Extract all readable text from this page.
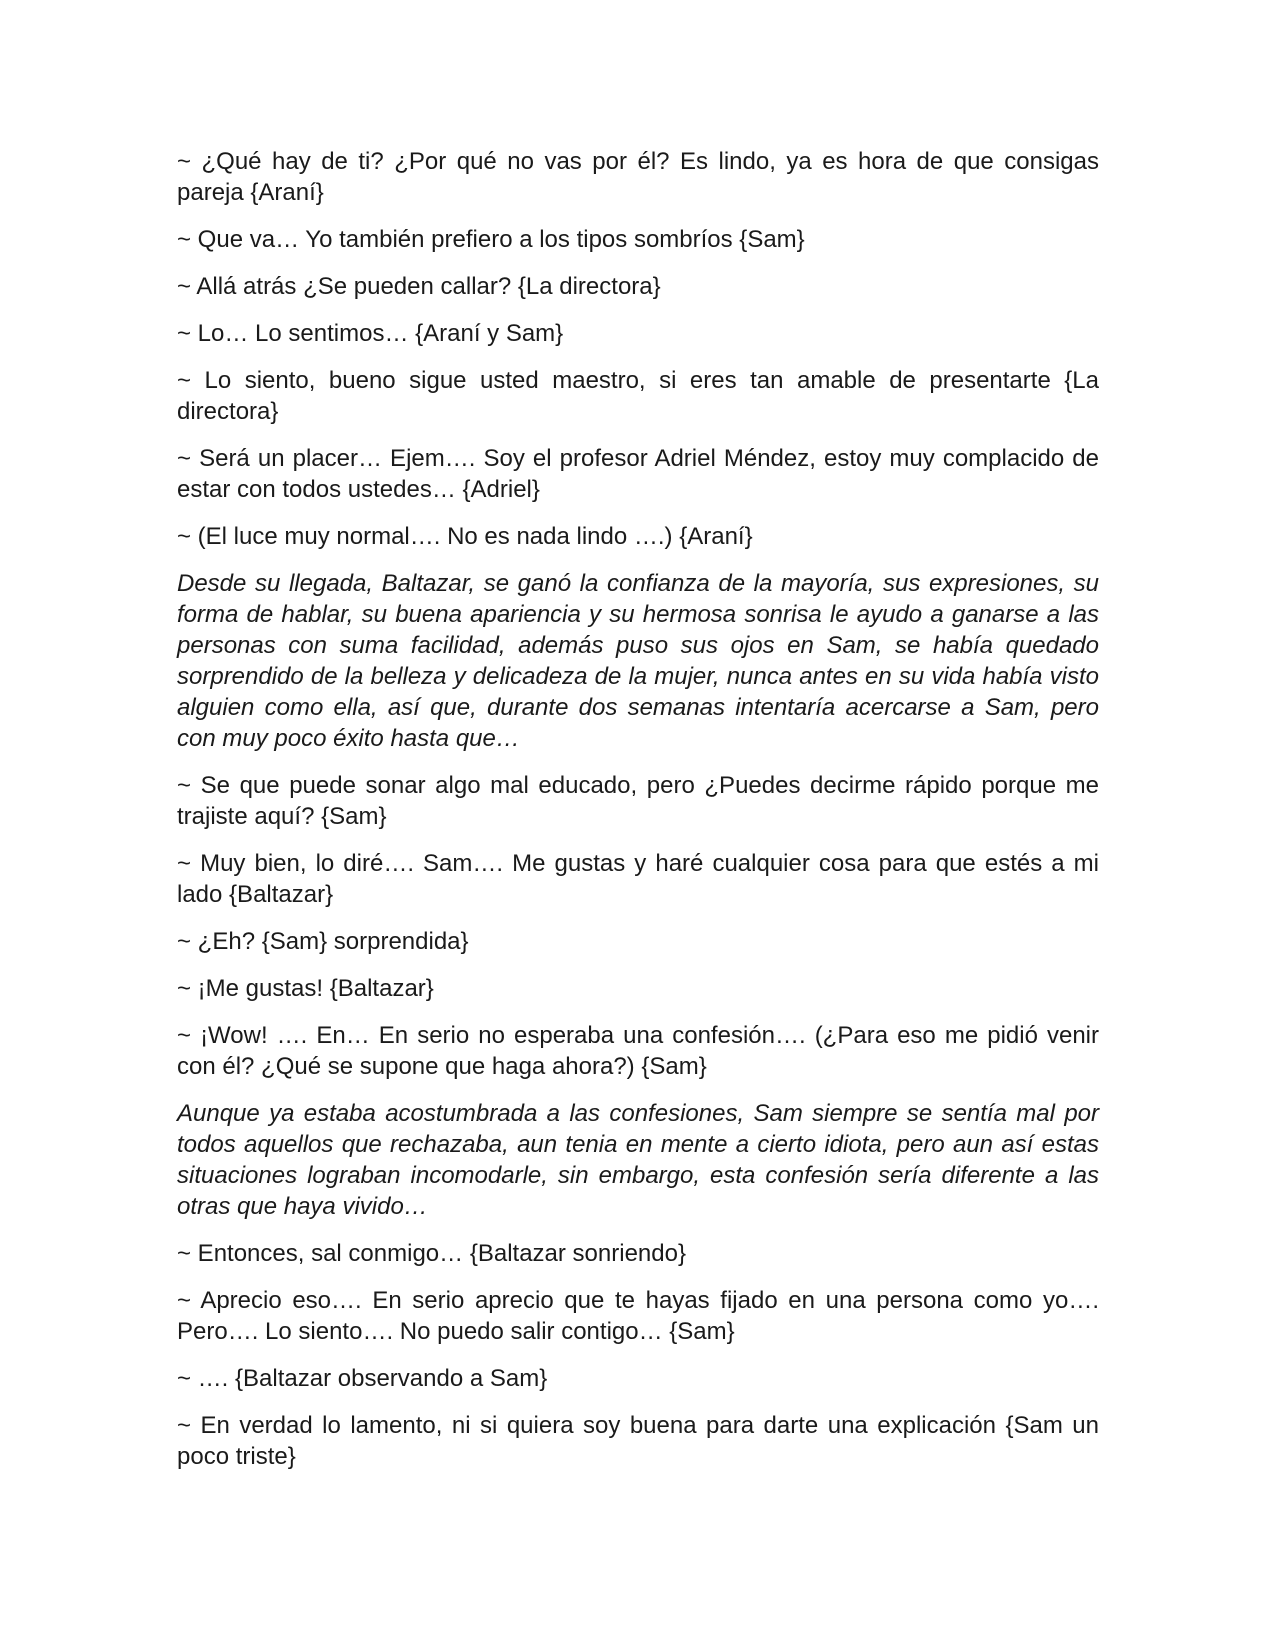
~ ¿Qué hay de ti? ¿Por qué no vas por él? Es lindo, ya es hora de que consigas pareja {Araní}

~ Que va… Yo también prefiero a los tipos sombríos {Sam}

~ Allá atrás ¿Se pueden callar? {La directora}

~ Lo… Lo sentimos… {Araní y Sam}

~ Lo siento, bueno sigue usted maestro, si eres tan amable de presentarte {La directora}

~ Será un placer… Ejem…. Soy el profesor Adriel Méndez, estoy muy complacido de estar con todos ustedes… {Adriel}

~ (El luce muy normal…. No es nada lindo ….) {Araní}

Desde su llegada, Baltazar, se ganó la confianza de la mayoría, sus expresiones, su forma de hablar, su buena apariencia y su hermosa sonrisa le ayudo a ganarse a las personas con suma facilidad, además puso sus ojos en Sam, se había quedado sorprendido de la belleza y delicadeza de la mujer, nunca antes en su vida había visto alguien como ella, así que, durante dos semanas intentaría acercarse a Sam, pero con muy poco éxito hasta que…

~ Se que puede sonar algo mal educado, pero ¿Puedes decirme rápido porque me trajiste aquí? {Sam}

~ Muy bien, lo diré…. Sam…. Me gustas y haré cualquier cosa para que estés a mi lado {Baltazar}

~ ¿Eh? {Sam} sorprendida}

~ ¡Me gustas! {Baltazar}

~ ¡Wow! …. En… En serio no esperaba una confesión…. (¿Para eso me pidió venir con él? ¿Qué se supone que haga ahora?) {Sam}

Aunque ya estaba acostumbrada a las confesiones, Sam siempre se sentía mal por todos aquellos que rechazaba, aun tenia en mente a cierto idiota, pero aun así estas situaciones lograban incomodarle, sin embargo, esta confesión sería diferente a las otras que haya vivido…

~ Entonces, sal conmigo… {Baltazar sonriendo}

~ Aprecio eso…. En serio aprecio que te hayas fijado en una persona como yo…. Pero…. Lo siento…. No puedo salir contigo… {Sam}

~ …. {Baltazar observando a Sam}

~ En verdad lo lamento, ni si quiera soy buena para darte una explicación {Sam un poco triste}
